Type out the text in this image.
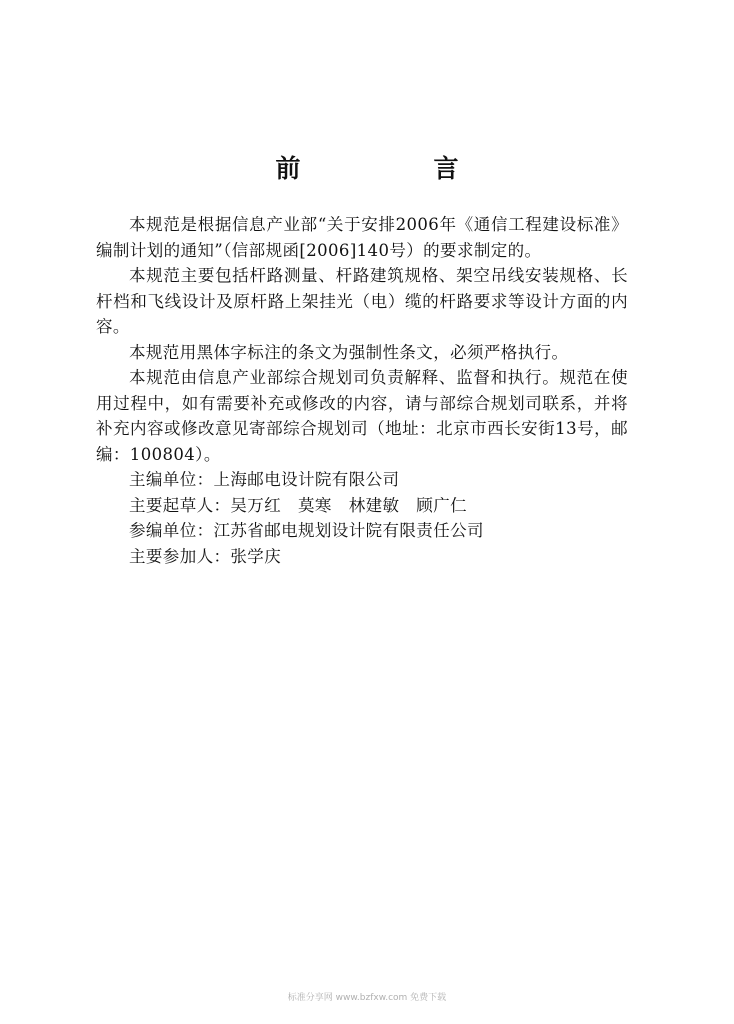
前　言

本规范是根据信息产业部“关于安排2006年《通信工程建设标准》编制计划的通知”（信部规函[2006]140号）的要求制定的。

本规范主要包括杆路测量、杆路建筑规格、架空吊线安装规格、长杆档和飞线设计及原杆路上架挂光（电）缆的杆路要求等设计方面的内容。

本规范用黑体字标注的条文为强制性条文，必须严格执行。

本规范由信息产业部综合规划司负责解释、监督和执行。规范在使用过程中，如有需要补充或修改的内容，请与部综合规划司联系，并将补充内容或修改意见寄部综合规划司（地址：北京市西长安街13号，邮编：100804）。

主编单位：上海邮电设计院有限公司

主要起草人：吴万红　莫寒　林建敏　顾广仁

参编单位：江苏省邮电规划设计院有限责任公司

主要参加人：张学庆

标准分享网 www.bzfxw.com 免费下载
